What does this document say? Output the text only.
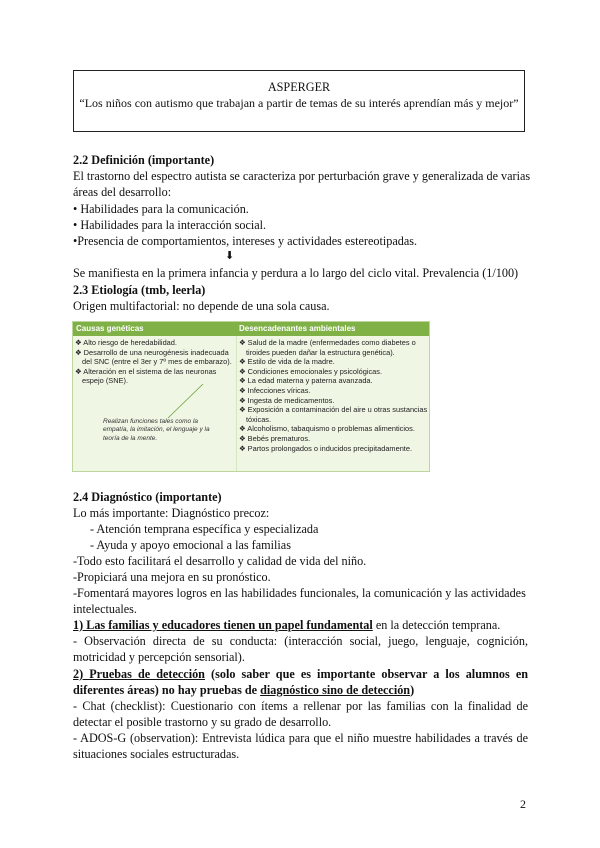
ASPERGER
“Los niños con autismo que trabajan a partir de temas de su interés aprendían más y mejor”
2.2 Definición (importante)
El trastorno del espectro autista se caracteriza por perturbación grave y generalizada de varias
áreas del desarrollo:
• Habilidades para la comunicación.
• Habilidades para la interacción social.
•Presencia de comportamientos, intereses y actividades estereotipadas.
⬇
Se manifiesta en la primera infancia y perdura a lo largo del ciclo vital. Prevalencia (1/100)
2.3 Etiología (tmb, leerla)
Origen multifactorial: no depende de una sola causa.
Causas genéticas	Desencadenantes ambientales
❖ Alto riesgo de heredabilidad.
❖ Desarrollo de una neurogénesis inadecuada del SNC (entre el 3er y 7º mes de embarazo).
❖ Alteración en el sistema de las neuronas espejo (SNE).
Realizan funciones tales como la empatía, la imitación, el lenguaje y la teoría de la mente.
❖ Salud de la madre (enfermedades como diabetes o tiroides pueden dañar la estructura genética).
❖ Estilo de vida de la madre.
❖ Condiciones emocionales y psicológicas.
❖ La edad materna y paterna avanzada.
❖ Infecciones víricas.
❖ Ingesta de medicamentos.
❖ Exposición a contaminación del aire u otras sustancias tóxicas.
❖ Alcoholismo, tabaquismo o problemas alimenticios.
❖ Bebés prematuros.
❖ Partos prolongados o inducidos precipitadamente.
2.4 Diagnóstico (importante)
Lo más importante: Diagnóstico precoz:
- Atención temprana específica y especializada
- Ayuda y apoyo emocional a las familias
-Todo esto facilitará el desarrollo y calidad de vida del niño.
-Propiciará una mejora en su pronóstico.
-Fomentará mayores logros en las habilidades funcionales, la comunicación y las actividades
intelectuales.
1) Las familias y educadores tienen un papel fundamental en la detección temprana.
- Observación directa de su conducta: (interacción social, juego, lenguaje, cognición,
motricidad y percepción sensorial).
2) Pruebas de detección (solo saber que es importante observar a los alumnos en
diferentes áreas) no hay pruebas de diagnóstico sino de detección)
- Chat (checklist): Cuestionario con ítems a rellenar por las familias con la finalidad de
detectar el posible trastorno y su grado de desarrollo.
- ADOS-G (observation): Entrevista lúdica para que el niño muestre habilidades a través de
situaciones sociales estructuradas.
2
